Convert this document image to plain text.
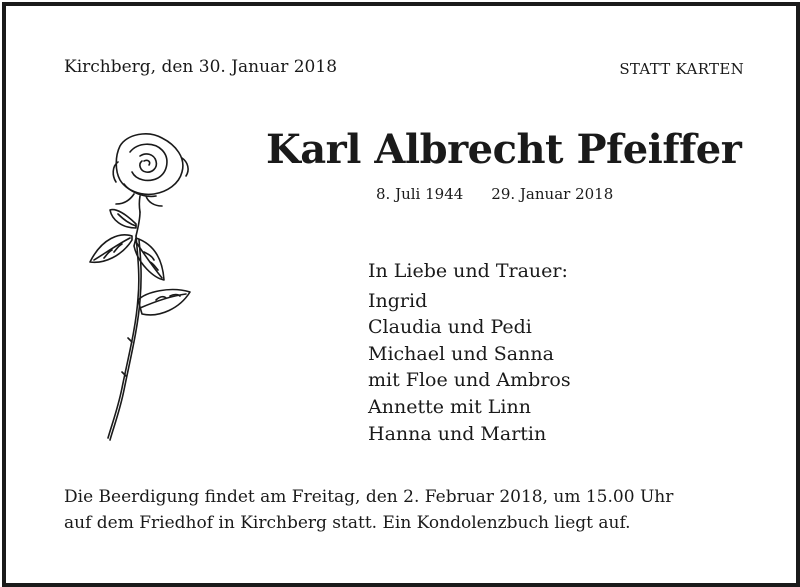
Kirchberg, den 30. Januar 2018	STATT KARTEN
Karl Albrecht Pfeiffer
8. Juli 1944 29. Januar 2018
In Liebe und Trauer:
Ingrid
Claudia und Pedi
Michael und Sanna
mit Floe und Ambros
Annette mit Linn
Hanna und Martin
Die Beerdigung findet am Freitag, den 2. Februar 2018, um 15.00 Uhr
auf dem Friedhof in Kirchberg statt. Ein Kondolenzbuch liegt auf.
